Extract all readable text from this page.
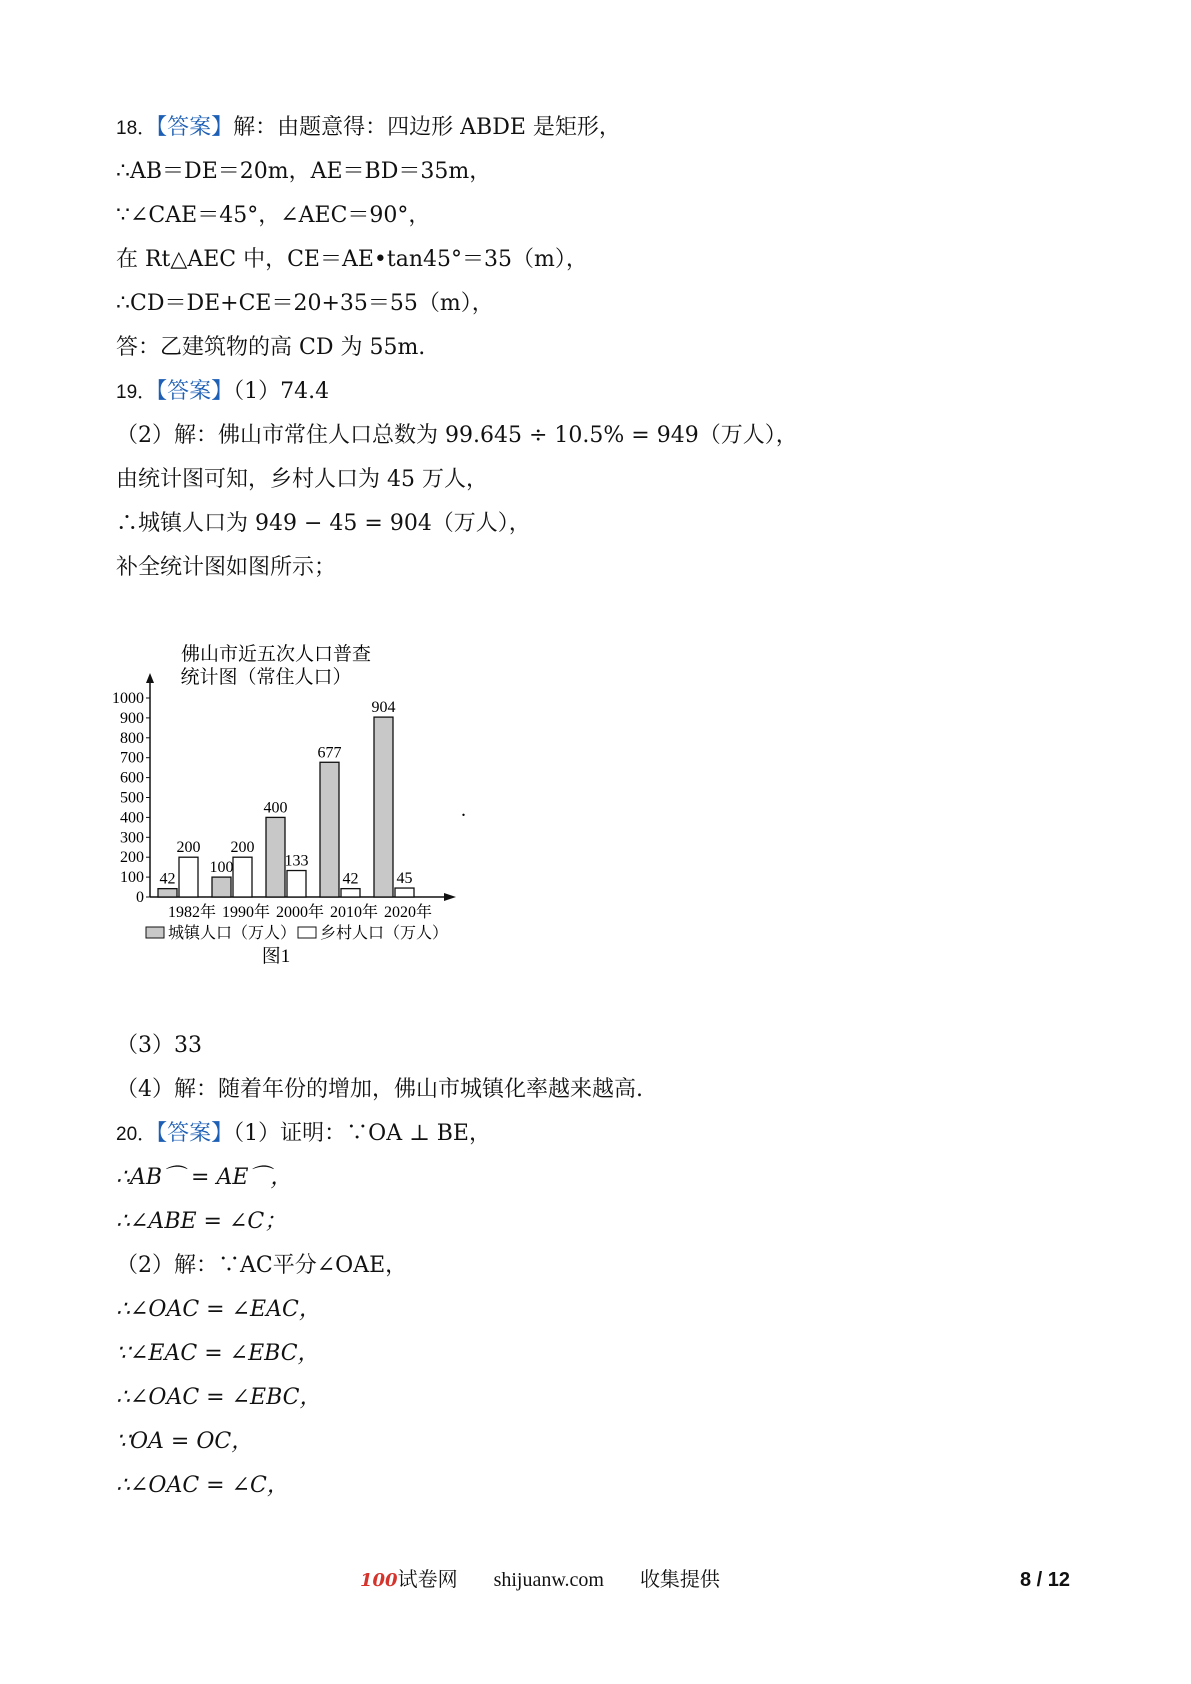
18．【答案】解：由题意得：四边形 ABDE 是矩形，
∴AB＝DE＝20m，AE＝BD＝35m，
∵∠CAE＝45°，∠AEC＝90°，
在 Rt△AEC 中，CE＝AE•tan45°＝35（m），
∴CD＝DE+CE＝20+35＝55（m），
答：乙建筑物的高 CD 为 55m.
19．【答案】（1）74.4
（2）解：佛山市常住人口总数为 99.645 ÷ 10.5% = 949（万人），
由统计图可知，乡村人口为 45 万人，
∴城镇人口为 949 − 45 = 904（万人），
补全统计图如图所示；
佛山市近五次人口普查
统计图（常住人口）
0
100
200
300
400
500
600
700
800
900
1000
42
200
1982年
100
200
1990年
400
133
2000年
677
42
2010年
904
45
2020年
城镇人口（万人） 乡村人口（万人）
图1
.
（3）33
（4）解：随着年份的增加，佛山市城镇化率越来越高.
20．【答案】（1）证明：∵OA ⊥ BE，
∴AB⌒ = AE⌒，
∴∠ABE = ∠C；
（2）解：∵AC平分∠OAE，
∴∠OAC = ∠EAC，
∵∠EAC = ∠EBC，
∴∠OAC = ∠EBC，
∵OA = OC，
∴∠OAC = ∠C，
100试卷网 shijuanw.com 收集提供	8 / 12
